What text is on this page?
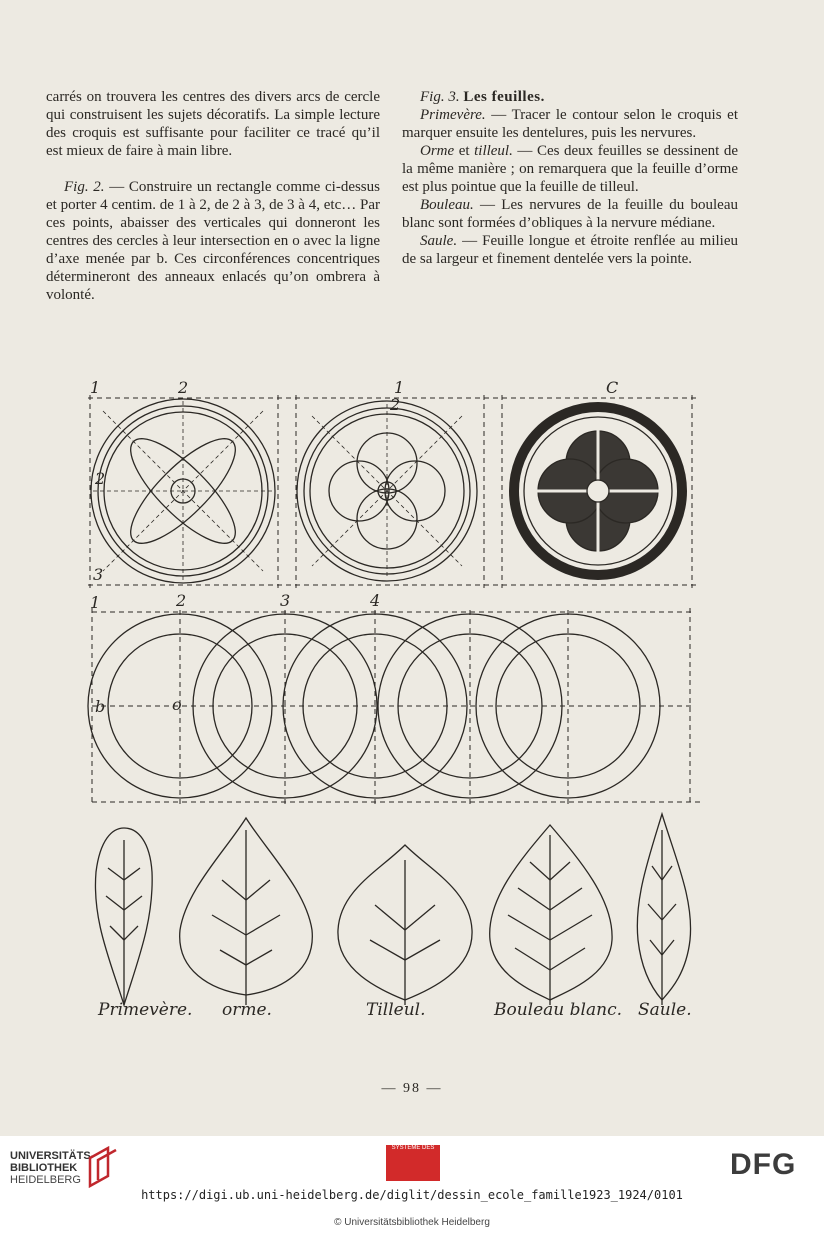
carrés on trouvera les centres des divers arcs de cercle qui construisent les sujets décoratifs. La simple lecture des croquis est suffisante pour faciliter ce tracé qu’il est mieux de faire à main libre.

Fig. 2. — Construire un rectangle comme ci-dessus et porter 4 centim. de 1 à 2, de 2 à 3, de 3 à 4, etc… Par ces points, abaisser des verticales qui donneront les centres des cercles à leur intersection en o avec la ligne d’axe menée par b. Ces circonférences concentriques détermineront des anneaux enlacés qu’on ombrera à volonté.

Fig. 3. Les feuilles.

Primevère. — Tracer le contour selon le croquis et marquer ensuite les dentelures, puis les nervures.

Orme et tilleul. — Ces deux feuilles se dessinent de la même manière ; on remarquera que la feuille d’orme est plus pointue que la feuille de tilleul.

Bouleau. — Les nervures de la feuille du bouleau blanc sont formées d’obliques à la nervure médiane.

Saule. — Feuille longue et étroite renflée au milieu de sa largeur et finement dentelée vers la pointe.

1	2
2
3
1
2
C
1	2	3	4
b	o
Primevère. orme.	Tilleul.	Bouleau blanc. Saule.
— 98 —
UNIVERSITÄTS-
BIBLIOTHEK
HEIDELBERG
SYSTÈME DES	DFG
https://digi.ub.uni-heidelberg.de/diglit/dessin_ecole_famille1923_1924/0101
© Universitätsbibliothek Heidelberg
